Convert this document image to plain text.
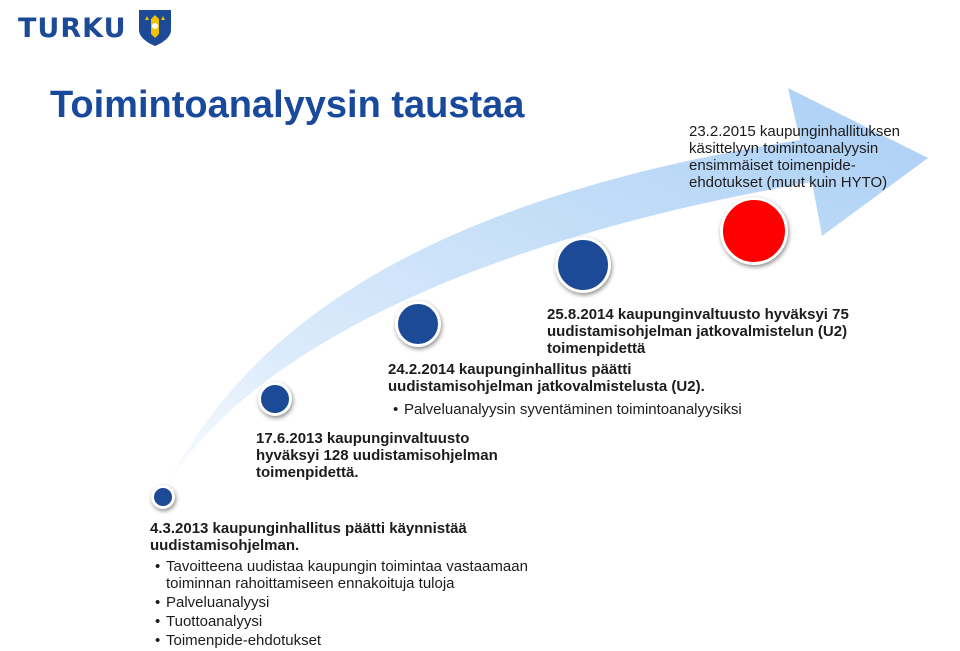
TURKU
Toimintoanalyysin taustaa
4.3.2013 kaupunginhallitus päätti käynnistää
uudistamisohjelman.
• Tavoitteena uudistaa kaupungin toimintaa vastaamaan
toiminnan rahoittamiseen ennakoituja tuloja
• Palveluanalyysi
• Tuottoanalyysi
• Toimenpide-ehdotukset
17.6.2013 kaupunginvaltuusto
hyväksyi 128 uudistamisohjelman
toimenpidettä.
24.2.2014 kaupunginhallitus päätti
uudistamisohjelman jatkovalmistelusta (U2).
• Palveluanalyysin syventäminen toimintoanalyysiksi
25.8.2014 kaupunginvaltuusto hyväksyi 75
uudistamisohjelman jatkovalmistelun (U2)
toimenpidettä
23.2.2015 kaupunginhallituksen
käsittelyyn toimintoanalyysin
ensimmäiset toimenpide-
ehdotukset (muut kuin HYTO)
